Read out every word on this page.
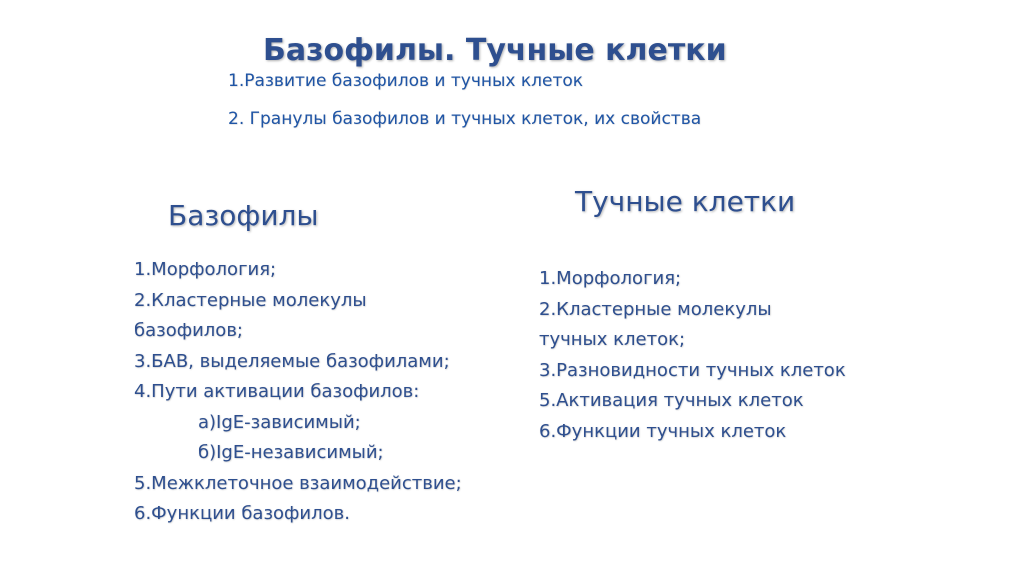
Базофилы. Тучные клетки
1.Развитие базофилов и тучных клеток
2. Гранулы базофилов и тучных клеток, их свойства
Базофилы
1.Морфология;
2.Кластерные молекулы
базофилов;
3.БАВ, выделяемые базофилами;
4.Пути активации базофилов:
а)IgE-зависимый;
б)IgE-независимый;
5.Межклеточное взаимодействие;
6.Функции базофилов.
Тучные клетки
1.Морфология;
2.Кластерные молекулы
тучных клеток;
3.Разновидности тучных клеток
5.Активация тучных клеток
6.Функции тучных клеток
